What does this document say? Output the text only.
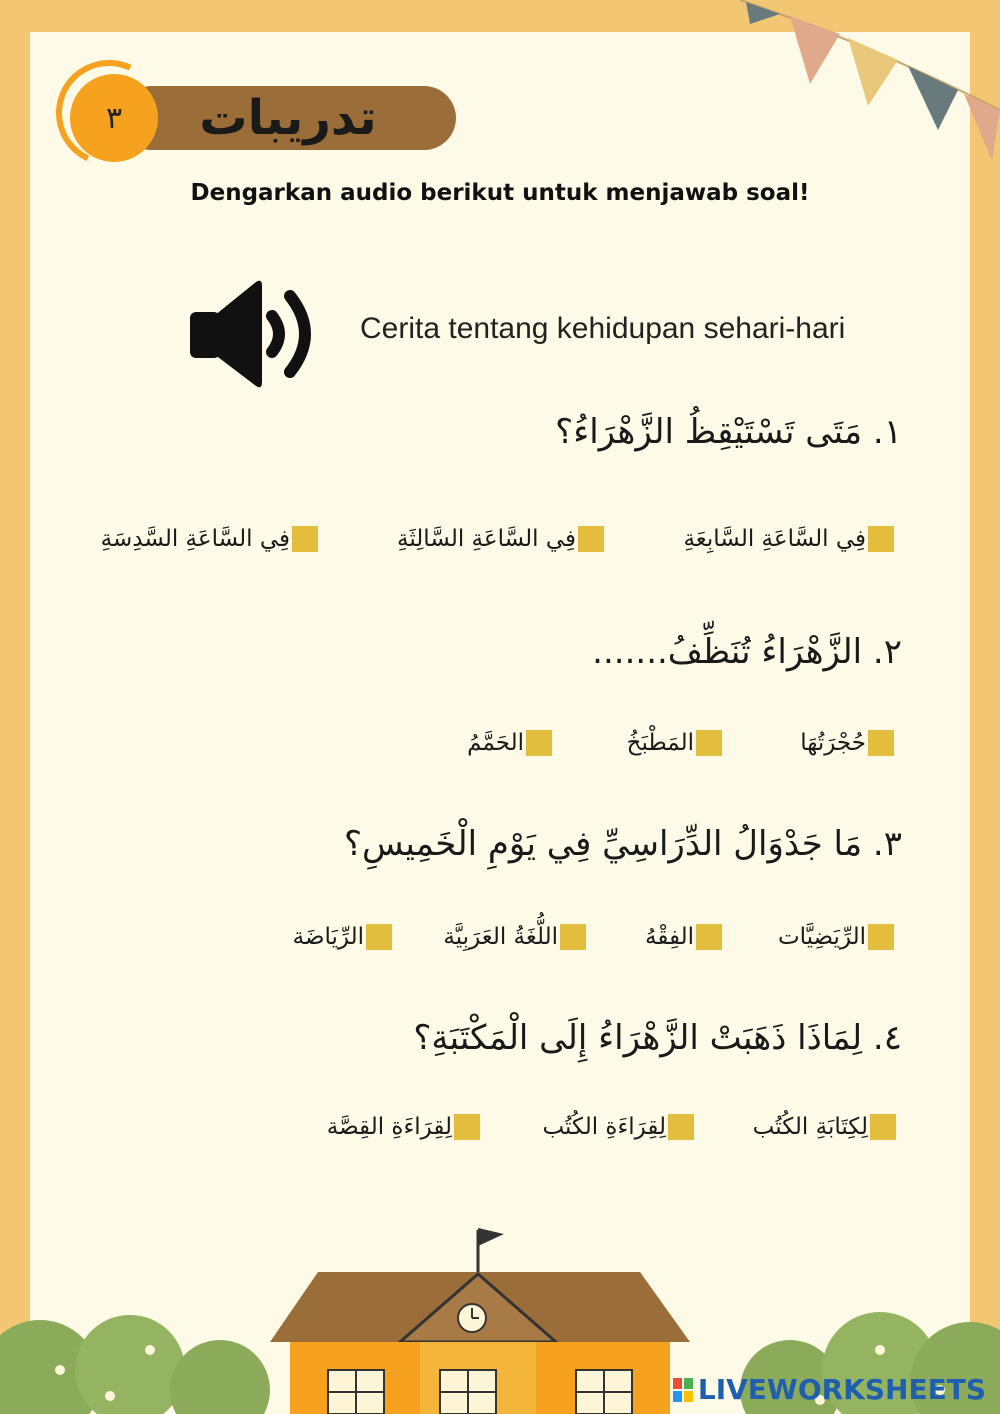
٣	تدريبات
Dengarkan audio berikut untuk menjawab soal!
Cerita tentang kehidupan sehari-hari
١. مَتَى تَسْتَيْقِظُ الزَّهْرَاءُ؟
فِي السَّاعَةِ السَّابِعَةِ
فِي السَّاعَةِ السَّالِثَةِ
فِي السَّاعَةِ السَّدِسَةِ
٢. الزَّهْرَاءُ تُنَظِّفُ.......
حُجْرَتُهَا
المَطْبَخُ
الحَمَّمُ
٣. مَا جَدْوَالُ الدِّرَاسِيِّ فِي يَوْمِ الْخَمِيسِ؟
الرِّيَضِيَّات
الفِقْهُ
اللُّغَةُ العَرَبِيَّة
الرِّيَاضَة
٤. لِمَاذَا ذَهَبَتْ الزَّهْرَاءُ إِلَى الْمَكْتَبَةِ؟
لِكِتَابَةِ الكُتُب
لِقِرَاءَةِ الكُتُب
لِقِرَاءَةِ القِصَّة
LIVEWORKSHEETS
